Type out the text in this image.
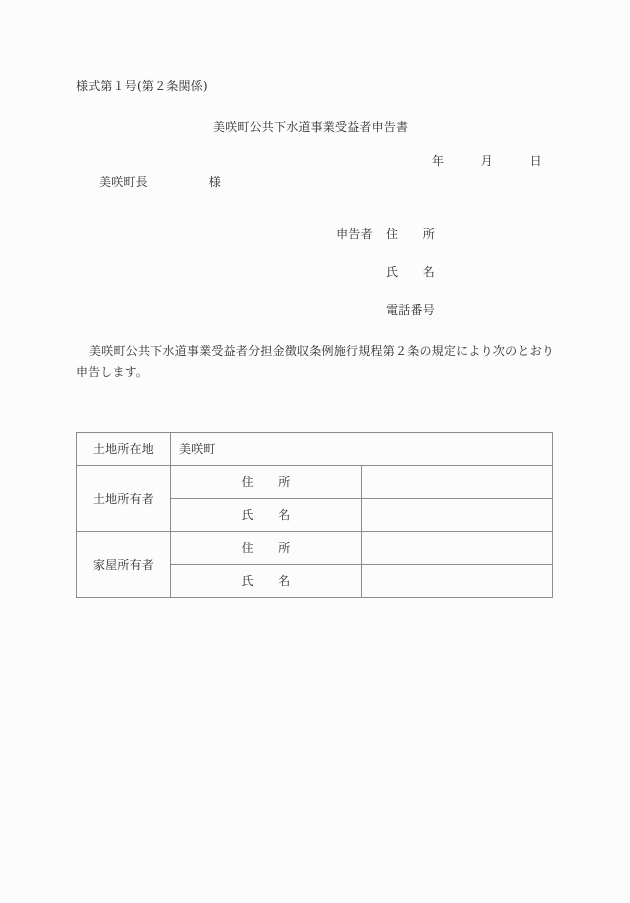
様式第１号(第２条関係)
美咲町公共下水道事業受益者申告書
年　　　月　　　日
美咲町長　　　　　様

申告者 住　　所

氏　　名

電話番号

美咲町公共下水道事業受益者分担金徴収条例施行規程第２条の規定により次のとおり申告します。
土地所在地	美咲町	
土地所有者	住　　所	
	氏　　名	
家屋所有者	住　　所	
	氏　　名	
